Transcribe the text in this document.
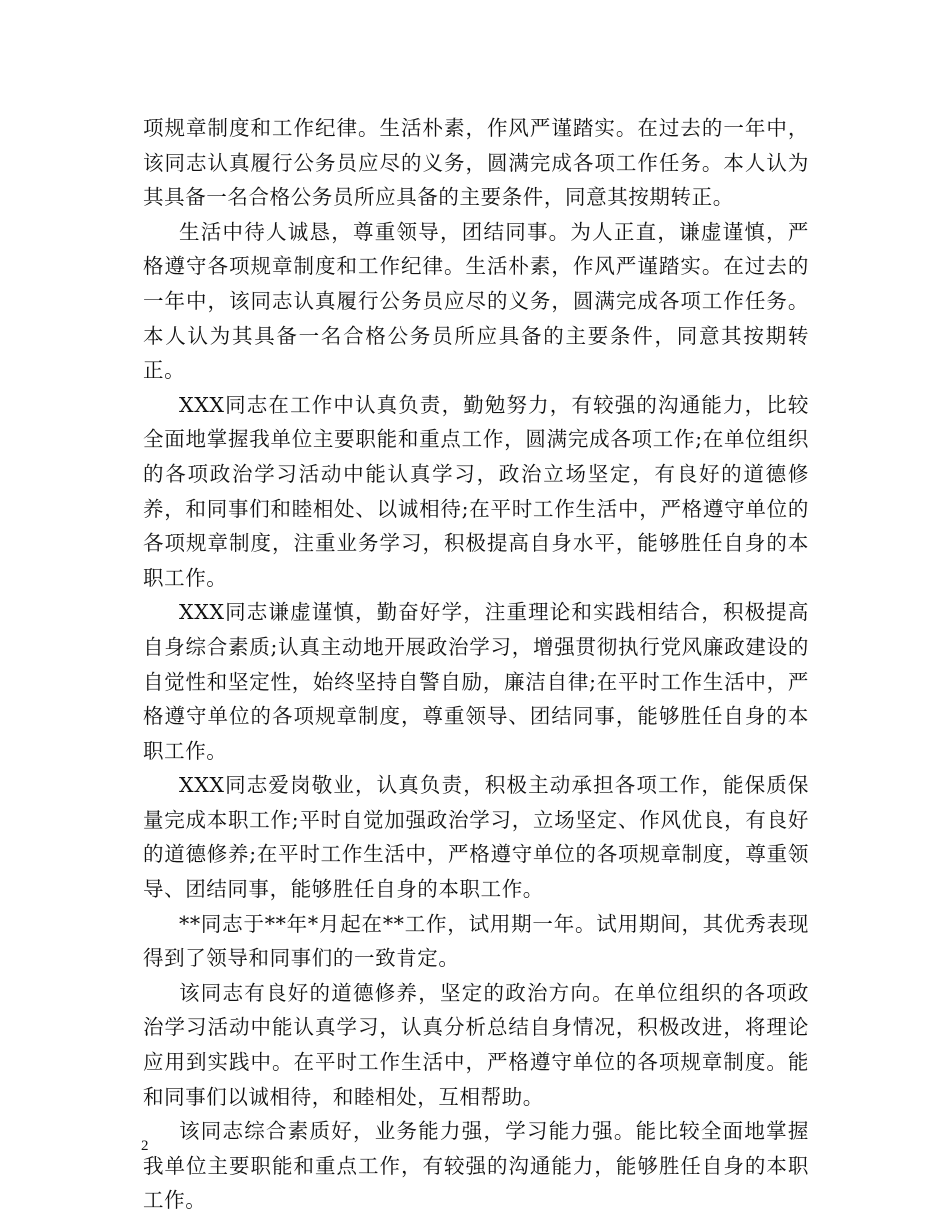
项规章制度和工作纪律。生活朴素，作风严谨踏实。在过去的一年中，该同志认真履行公务员应尽的义务，圆满完成各项工作任务。本人认为其具备一名合格公务员所应具备的主要条件，同意其按期转正。

生活中待人诚恳，尊重领导，团结同事。为人正直，谦虚谨慎，严格遵守各项规章制度和工作纪律。生活朴素，作风严谨踏实。在过去的一年中，该同志认真履行公务员应尽的义务，圆满完成各项工作任务。本人认为其具备一名合格公务员所应具备的主要条件，同意其按期转正。

XXX同志在工作中认真负责，勤勉努力，有较强的沟通能力，比较全面地掌握我单位主要职能和重点工作，圆满完成各项工作;在单位组织的各项政治学习活动中能认真学习，政治立场坚定，有良好的道德修养，和同事们和睦相处、以诚相待;在平时工作生活中，严格遵守单位的各项规章制度，注重业务学习，积极提高自身水平，能够胜任自身的本职工作。

XXX同志谦虚谨慎，勤奋好学，注重理论和实践相结合，积极提高自身综合素质;认真主动地开展政治学习，增强贯彻执行党风廉政建设的自觉性和坚定性，始终坚持自警自励，廉洁自律;在平时工作生活中，严格遵守单位的各项规章制度，尊重领导、团结同事，能够胜任自身的本职工作。

XXX同志爱岗敬业，认真负责，积极主动承担各项工作，能保质保量完成本职工作;平时自觉加强政治学习，立场坚定、作风优良，有良好的道德修养;在平时工作生活中，严格遵守单位的各项规章制度，尊重领导、团结同事，能够胜任自身的本职工作。

**同志于**年*月起在**工作，试用期一年。试用期间，其优秀表现得到了领导和同事们的一致肯定。

该同志有良好的道德修养，坚定的政治方向。在单位组织的各项政治学习活动中能认真学习，认真分析总结自身情况，积极改进，将理论应用到实践中。在平时工作生活中，严格遵守单位的各项规章制度。能和同事们以诚相待，和睦相处，互相帮助。

该同志综合素质好，业务能力强，学习能力强。能比较全面地掌握我单位主要职能和重点工作，有较强的沟通能力，能够胜任自身的本职工作。

2
